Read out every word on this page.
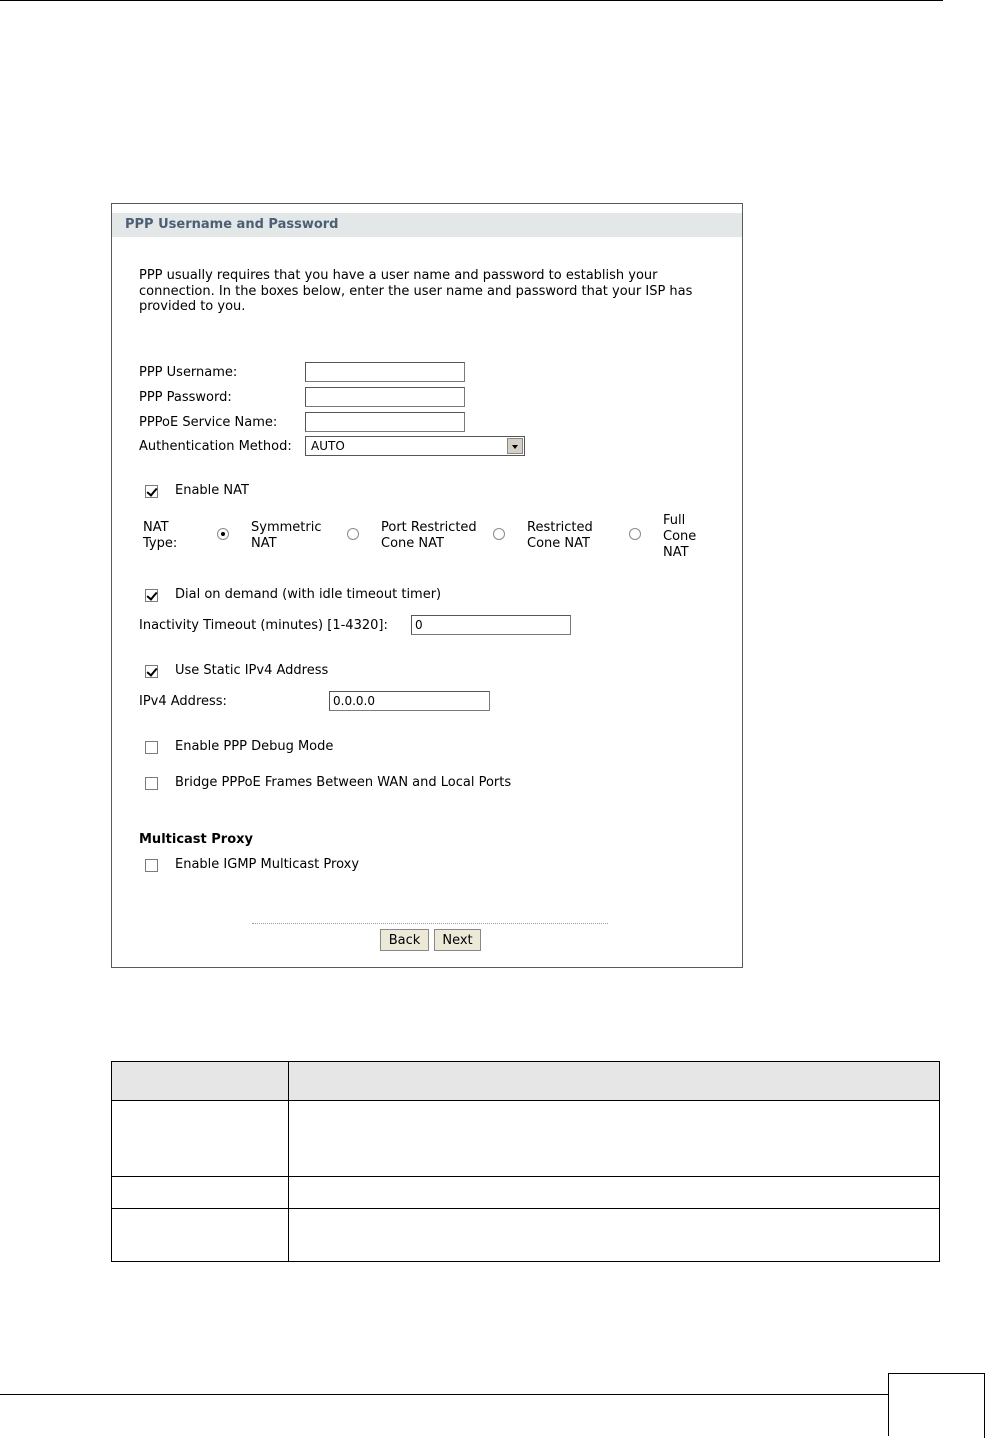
PPP Username and Password
PPP usually requires that you have a user name and password to establish your connection. In the boxes below, enter the user name and password that your ISP has provided to you.
PPP Username:
PPP Password:
PPPoE Service Name:
Authentication Method:	AUTO
Enable NAT
NAT
Type:
Symmetric
NAT
Port Restricted
Cone NAT
Restricted
Cone NAT
Full
Cone
NAT
Dial on demand (with idle timeout timer)
Inactivity Timeout (minutes) [1-4320]:
0
Use Static IPv4 Address
IPv4 Address:
0.0.0.0
Enable PPP Debug Mode
Bridge PPPoE Frames Between WAN and Local Ports
Multicast Proxy
Enable IGMP Multicast Proxy
Back	Next
